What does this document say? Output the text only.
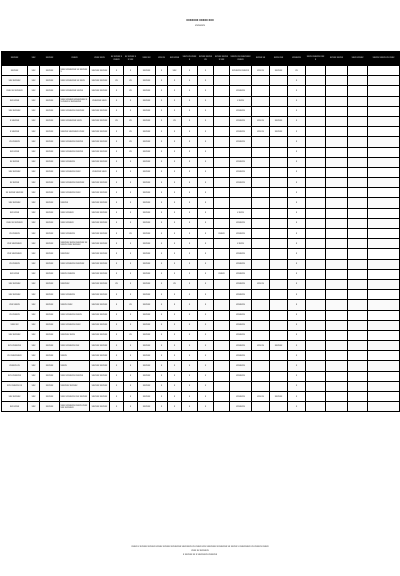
XXXXXXX XXXXX XXX
XX/XX/XX
XXXXXX	XXX	XXXXXX	XXXXX	XXXX XXXX	XX XXXXX XXXXXX	XX XXXXX XX XXX	XXXX XX	XXX XX	XXX XXXX	XXXX XX XXXXX	XXXXX XXXXXXX	XXXXX XXXXXX XXX	XXXXX XX XXXXXXXX XXXXX	XXXXX XX	XXXX XXX	XXXXXXX	XXXX XXXXXX XXXX	XXXXX XXXXX	XXXX XXXXX	XXXXX XXXXX XX XXXX
XXXXXX	XXX	XXXXXX	XXXX XXXXXXXX XX XXXXXXX	XXXXXX XXXXXX	X	X	XXXXXX	X	XXX	X	X		XXXXXXX XXXXXX	XXX XX	XXXXXX	XX				
XXX XXXXXX	XXX	XXXXXX	XXXX XXXXXXXX XX XXXX	XXXXXX XXXXXX	XX	XX	XXXXXX	X	X	X	X					X				
XXXX XX XXXXXX	XXX	XXXXXX	XXXX XXXXXXXX XXXXX	XXXXXX XXXXXX	X	XX	XXXXXX	X	X	X	X		XXXXXXX			X				
XXX XXXX	XXX	XXXXXX	XXXX XXXXXX XXXXXXXXX XX XXXXX X XXXXXXXX	XXXXXXX XXXX	X	X	XXXXXX	X	X	X	X		X XXXX			X				
XXX XXXXXX	XXX	XXXXXX	XXXX XXXXXXX XXXXXXX	XXXXXX XXXXXX	X	X	XXXXXX	X	X	X	X		XXXXXXX			X				
X XXXXXX	XXX	XXXXXX	XXXX XXXXXXXX XXXX	XXXXXX XXXXXX	XX	XX	XXXXXX	X	XX	X	X		XXXXXXX	XXX XX	XXXXXX	X				
X XXXXXX	XXX	XXXXXX	XXXXXX XXXXXXXX XXXX	XXXXXX XXXXXX	X	XX	XXXXXX	X	X	X	X		XXXXXXX	XXX XX	XXXXXX	X				
XX XXXXXX	XXX	XXXXXX	XXXX XXXXXXX XXXXXX	XXXXXX XXXXXX	X	XX	XXXXXX	X	X	X	X		XXXXXXX			X				
XXX XXXX	XXX	XXXXXX	XXXX XXXXXXX XXXXXX	XXXXXX XXXXXX	X	XX	XXXXXX	X	X	X	X					X				
XX XXXXX	XXX	XXXXXX	XXXX XXXXXXX	XXXXXX XXXXXX	X	X	XXXXXX	X	X	X	X		XXXXXXX			X				
XXX XXXXXX	XXX	XXXXXX	XXXX XXXXXXX XXXX	XXXXXXX XXXX	X	X	XXXXXX	X	X	X	X		XXXXXXX			X				
XX XXXXX	XXX	XXXXXX	XXXX XXXXXXX XXXXXXX	XXXXXX XXXXXX	X	X	XXXXXX	X	X	X	X		XXXXXXX			X				
XX XXXXX XXXXXX	XXX	XXXXXX	XXXX XXXXXXX XXXX	XXXXXX XXXXXX	X	X	XXXXXX	X	X	X	X					X				
XXX XXXXXX	XXX	XXXXXX	XXXXXX	XXXXXX XXXXXX	X	X	XXXXXX	X	X	X	X					X				
XXX XXXX	XXX	XXXXXX	XXXX XXXXXX	XXXXXX XXXXXX	X	X	XXXXXX	X	X	X	X		X XXXX			X				
XXXX XX XXXXXX	XXX	XXXXXX	XXXX XXXXXX	XXXXXX XXXXXX	X	X	XXXXXX	X	X	X	X		XXXXXXX			X				
XX XXXXXX	XXX	XXXXXX	XXXX XXXXXXX	XXXXXX XXXXXX	X	XX	XXXXXX	X	X	X	X	XXXXX	XXXXXXX			X				
XXX XXXXXXXX	XXX	XXXXXX	XXXXXXX XXXX XXXXXXX XXXXXXX XXXX XXXXXX	XXXXXX XXXXXX	X	X	XXXXXX	X	X	X	X		X XXXX			X				
XXX XXXXXXXX	XXX	XXXXXX	XXXXXXX	XXXXXX XXXXXX	X	X	XXXXXX	X	X	X	X		XXXXXXX			X				
XX XXXXXX	XXX	XXXXXX	XXXX XXXXXXX XXXXXXX	XXXXXX XXXXXX	X	X	XXXXXX	X	X	X	X		XXXXXXX			X				
XXX XXXX	XXX	XXXXXX	XXXXX XXXXXX	XXXXXX XXXXXX	X	X	XXXXXX	X	X	X	X	XXXXX	XXXXXXX			X				
XXX XXXXXX	XXX	XXXXXX	XXXXXXX	XXXXXX XXXXXX	XX	X	XXXXXX	X	XX	X	X		XXXXXXX	XXX XX		X				
XXX XXXXXX	XXX	XXXXXX	XXXX XXXXXXX	XXXXXX XXXXXX	X	X	XXXXXX	X	X	X	X		XXXXXXX			X				
XXX XXXXX	XXX	XXXXXX	XXXXX XXXX	XXXXXX XXXXXX	X	XX	XXXXXX	X	X	X	X		XXXXXXX			X				
XX XXXXXX	XXX	XXXXXX	XXXX XXXXXXX XXXXX	XXXXXX XXXXXX	X	X	XXXXXX	X	X	X	X		XXXXXXX			X				
XXXX XX	XXX	XXXXXX	XXXX XXXXXXX XXXX	XXXXXX XXXXXX	X	X	XXXXXX	X	X	X	X		XXXXXXX			X				
XXX XXXXXX	XXX	XXXXXX	XXXXXXX XXXX	XXXXXX XXXXXX	X	XX	XXXXXX	X	X	X	X		XXXXXXX			X				
XXX XXXXXXX	XXX	XXXXXX	XXXX XXXXXXX XXX	XXXXXX XXXXXX	X	X	XXXXXX	X	X	X	X		XXXXXXX	XXX XX	XXXXXX	X				
XX XXXXXXXXX	XXX	XXXXXX	XXXXX	XXXXXX XXXXXX	X	X	XXXXXX	X	X	X	X		XXXXXXX			X				
XXXXXX XX	XXX	XXXXXX	XXXXX	XXXXXX XXXXXX	X	X	XXXXXX	X	X	X	X		XXXXXXX			X				
XXX XXXXXXX	XXX	XXXXXX	XXXX XXXXXXX XXXXXX	XXXXXX XXXXXX	X	X	XXXXXX	X	X	X	X		XXXXXXX			X				
XXX XXXXXX XX	XXX	XXXXXX	XXXXXXX XXXXXX	XXXXXX XXXXXX	X	X	XXXXXX	X	X	X	X					X				
XXX XXXXXX	XXX	XXXXXX	XXXX XXXXXXX XXX XXXXXX	XXXXXX XXXXXX	X	X	XXXXXX	X	X	X	X		XXXXXXX	XXX XX	XXXXXX	X				
XXX XXXX	XXX	XXXXXX	XXXX XXXXXXX XXXXX XXXXXXX XXXXXXX	XXXXXX XXXXXX	X	X	XXXXXX	X	X	X	X		XXXXXXX			X				
XXXXX X XXXXXX XXXXXX XXXXX XXXXXX XXXXXXXX XXXXXXXX XX XXXXX XXX XXXXXXXX XXXXXXXX XX XXXXX X XXXXXXXXX XX XXXXXX XXXXX
XXXX XX XXXXXXX
X XXXXXX XX X XXXXXXXX XXXXXXX
